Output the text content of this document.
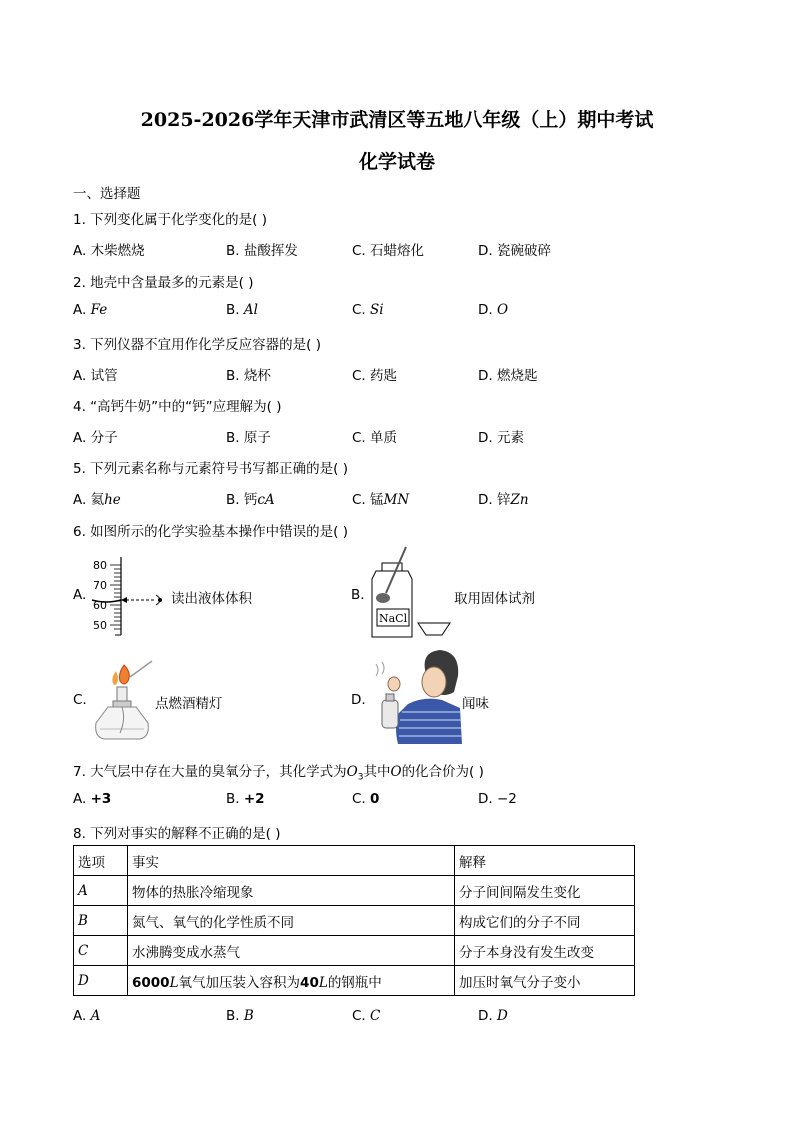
2025-2026学年天津市武清区等五地八年级（上）期中考试
化学试卷
一、选择题
1. 下列变化属于化学变化的是( )
A. 木柴燃烧	B. 盐酸挥发	C. 石蜡熔化	D. 瓷碗破碎
2. 地壳中含量最多的元素是( )
A. Fe	B. Al	C. Si	D. O
3. 下列仪器不宜用作化学反应容器的是( )
A. 试管	B. 烧杯	C. 药匙	D. 燃烧匙
4. “高钙牛奶”中的“钙”应理解为( )
A. 分子	B. 原子	C. 单质	D. 元素
5. 下列元素名称与元素符号书写都正确的是( )
A. 氦he	B. 钙cA	C. 锰MN	D. 锌Zn
6. 如图所示的化学实验基本操作中错误的是( )
A.
80
70
60
50
读出液体体积	B.
NaCl
取用固体试剂
C.	点燃酒精灯	D.	闻味
7. 大气层中存在大量的臭氧分子，其化学式为$O_3$其中O的化合价为( )
A. +3	B. +2	C. 0	D. −2
8. 下列对事实的解释不正确的是( )
选项	事实	解释
A	物体的热胀冷缩现象	分子间间隔发生变化
B	氮气、氧气的化学性质不同	构成它们的分子不同
C	水沸腾变成水蒸气	分子本身没有发生改变
D	6000L氧气加压装入容积为40L的钢瓶中	加压时氧气分子变小
A. A	B. B	C. C	D. D
